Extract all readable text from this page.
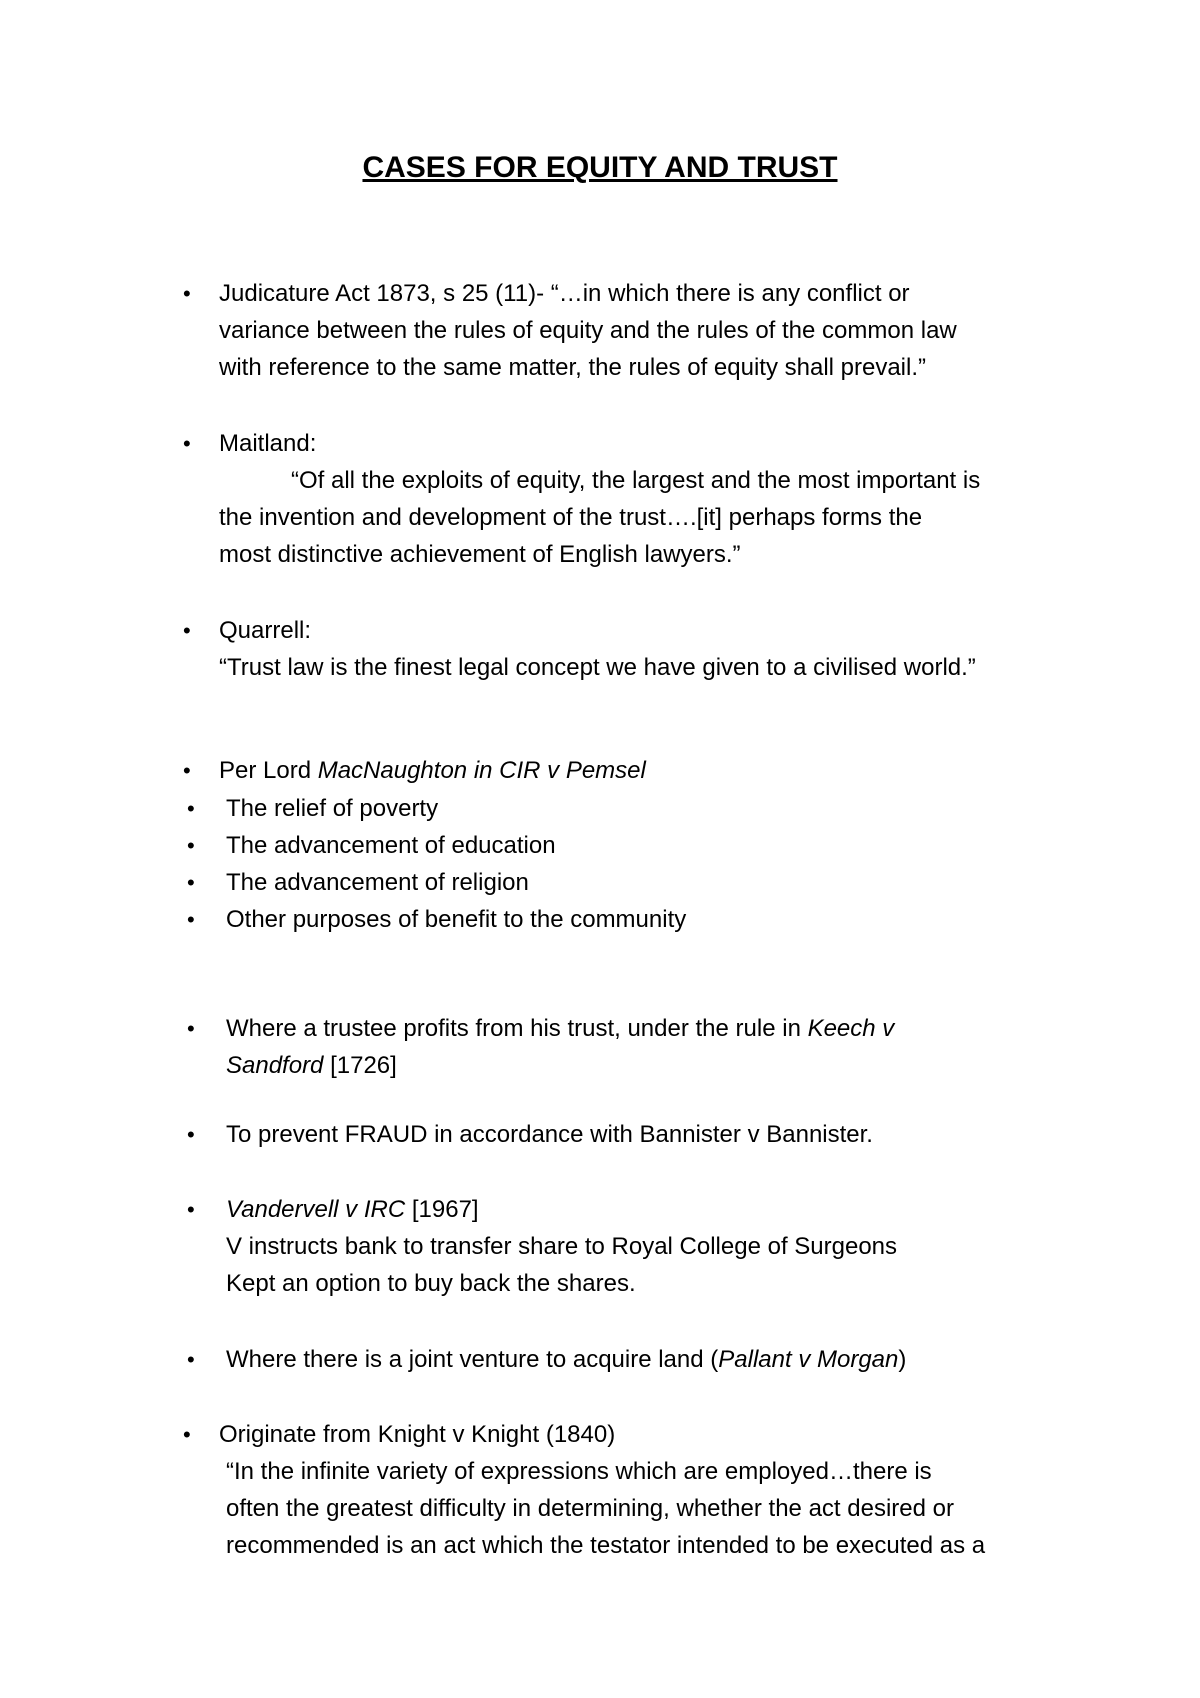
CASES FOR EQUITY AND TRUST
• Judicature Act 1873, s 25 (11)- “…in which there is any conflict or
variance between the rules of equity and the rules of the common law
with reference to the same matter, the rules of equity shall prevail.”
• Maitland:
“Of all the exploits of equity, the largest and the most important is
the invention and development of the trust….[it] perhaps forms the
most distinctive achievement of English lawyers.”
• Quarrell:
“Trust law is the finest legal concept we have given to a civilised world.”
• Per Lord MacNaughton in CIR v Pemsel
• The relief of poverty
• The advancement of education
• The advancement of religion
• Other purposes of benefit to the community
• Where a trustee profits from his trust, under the rule in Keech v
Sandford [1726]
• To prevent FRAUD in accordance with Bannister v Bannister.
• Vandervell v IRC [1967]
V instructs bank to transfer share to Royal College of Surgeons
Kept an option to buy back the shares.
• Where there is a joint venture to acquire land (Pallant v Morgan)
• Originate from Knight v Knight (1840)
“In the infinite variety of expressions which are employed…there is
often the greatest difficulty in determining, whether the act desired or
recommended is an act which the testator intended to be executed as a
